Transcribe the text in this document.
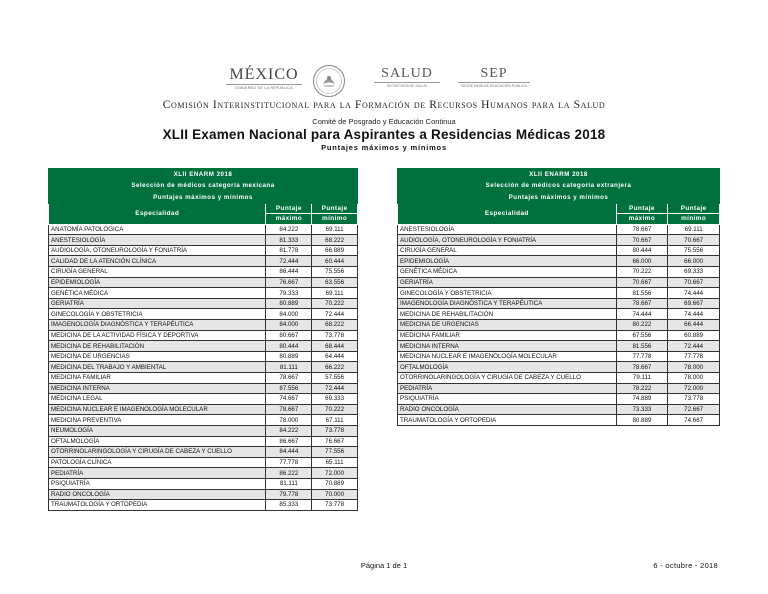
MÉXICO
GOBIERNO DE LA REPÚBLICA
SALUD
SECRETARÍA DE SALUD
SEP
SECRETARÍA DE EDUCACIÓN PÚBLICA
Comisión Interinstitucional para la Formación de Recursos Humanos para la Salud
Comité de Posgrado y Educación Continua
XLII Examen Nacional para Aspirantes a Residencias Médicas 2018
Puntajes máximos y mínimos
XLII ENARM 2018		
Selección de médicos categoría mexicana		
Puntajes máximos y mínimos		
Especialidad	Puntaje	Puntaje
	máximo	mínimo
ANATOMÍA PATOLÓGICA	84.222	69.111
ANESTESIOLOGÍA	81.333	68.222
AUDIOLOGÍA, OTONEUROLOGÍA Y FONIATRÍA	81.778	66.889
CALIDAD DE LA ATENCIÓN CLÍNICA	72.444	60.444
CIRUGÍA GENERAL	86.444	75.556
EPIDEMIOLOGÍA	76.667	63.556
GENÉTICA MÉDICA	79.333	69.111
GERIATRÍA	80.889	70.222
GINECOLOGÍA Y OBSTETRICIA	84.000	72.444
IMAGENOLOGÍA DIAGNÓSTICA Y TERAPÉUTICA	84.000	68.222
MEDICINA DE LA ACTIVIDAD FÍSICA Y DEPORTIVA	80.667	73.778
MEDICINA DE REHABILITACIÓN	80.444	68.444
MEDICINA DE URGENCIAS	80.889	64.444
MEDICINA DEL TRABAJO Y AMBIENTAL	81.111	66.222
MEDICINA FAMILIAR	78.667	57.556
MEDICINA INTERNA	87.556	72.444
MEDICINA LEGAL	74.667	69.333
MEDICINA NUCLEAR E IMAGENOLOGÍA MOLECULAR	78.667	70.222
MEDICINA PREVENTIVA	78.000	67.111
NEUMOLOGÍA	84.222	73.778
OFTALMOLOGÍA	86.667	76.667
OTORRINOLARINGOLOGÍA Y CIRUGÍA DE CABEZA Y CUELLO	84.444	77.556
PATOLOGÍA CLÍNICA	77.778	65.111
PEDIATRÍA	86.222	72.000
PSIQUIATRÍA	81.111	70.889
RADIO ONCOLOGÍA	79.778	70.000
TRAUMATOLOGÍA Y ORTOPEDIA	85.333	73.778
XLII ENARM 2018		
Selección de médicos categoría extranjera		
Puntajes máximos y mínimos		
Especialidad	Puntaje	Puntaje
	máximo	mínimo
ANESTESIOLOGÍA	78.667	69.111
AUDIOLOGÍA, OTONEUROLOGÍA Y FONIATRÍA	70.667	70.667
CIRUGÍA GENERAL	80.444	75.556
EPIDEMIOLOGÍA	66.000	66.000
GENÉTICA MÉDICA	70.222	69.333
GERIATRÍA	70.667	70.667
GINECOLOGÍA Y OBSTETRICIA	81.556	74.444
IMAGENOLOGÍA DIAGNÓSTICA Y TERAPÉUTICA	78.667	69.667
MEDICINA DE REHABILITACIÓN	74.444	74.444
MEDICINA DE URGENCIAS	80.222	66.444
MEDICINA FAMILIAR	67.556	60.889
MEDICINA INTERNA	81.556	72.444
MEDICINA NUCLEAR E IMAGENOLOGÍA MOLECULAR	77.778	77.778
OFTALMOLOGÍA	78.667	78.000
OTORRINOLARINGOLOGÍA Y CIRUGÍA DE CABEZA Y CUELLO	79.111	78.000
PEDIATRÍA	78.222	72.000
PSIQUIATRÍA	74.889	73.778
RADIO ONCOLOGÍA	73.333	72.667
TRAUMATOLOGÍA Y ORTOPEDIA	80.889	74.667
Página 1 de 1	6 - octubre - 2018
